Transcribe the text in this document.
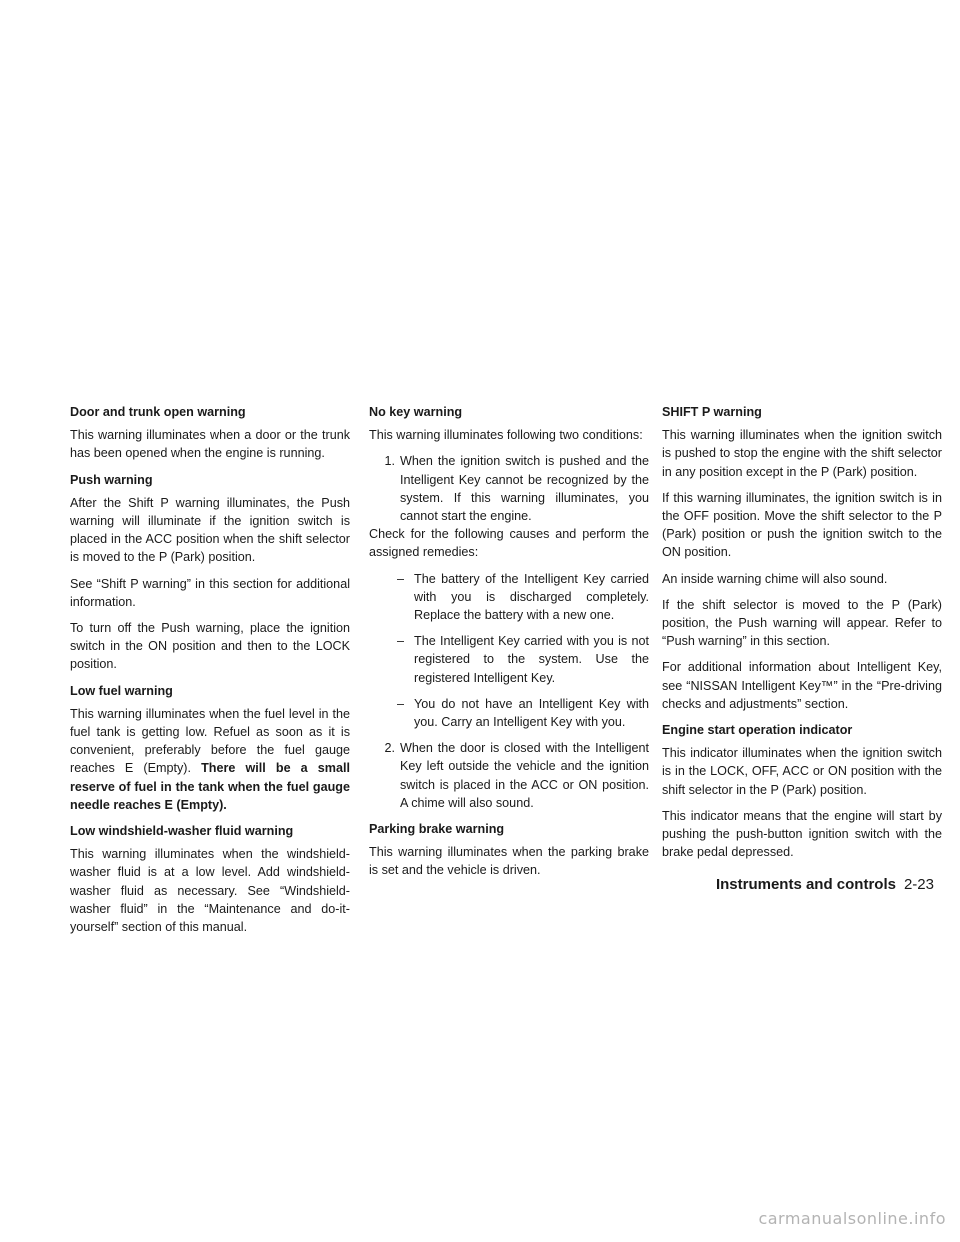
Door and trunk open warning

This warning illuminates when a door or the trunk has been opened when the engine is running.

Push warning

After the Shift P warning illuminates, the Push warning will illuminate if the ignition switch is placed in the ACC position when the shift selector is moved to the P (Park) position.

See “Shift P warning” in this section for additional information.

To turn off the Push warning, place the ignition switch in the ON position and then to the LOCK position.

Low fuel warning

This warning illuminates when the fuel level in the fuel tank is getting low. Refuel as soon as it is convenient, preferably before the fuel gauge reaches E (Empty). There will be a small reserve of fuel in the tank when the fuel gauge needle reaches E (Empty).

Low windshield-washer fluid warning

This warning illuminates when the windshield-washer fluid is at a low level. Add windshield-washer fluid as necessary. See “Windshield-washer fluid” in the “Maintenance and do-it-yourself” section of this manual.

No key warning

This warning illuminates following two conditions:

1. When the ignition switch is pushed and the Intelligent Key cannot be recognized by the system. If this warning illuminates, you cannot start the engine.

Check for the following causes and perform the assigned remedies:

– The battery of the Intelligent Key carried with you is discharged completely. Replace the battery with a new one.
– The Intelligent Key carried with you is not registered to the system. Use the registered Intelligent Key.
– You do not have an Intelligent Key with you. Carry an Intelligent Key with you.
2. When the door is closed with the Intelligent Key left outside the vehicle and the ignition switch is placed in the ACC or ON position. A chime will also sound.
Parking brake warning

This warning illuminates when the parking brake is set and the vehicle is driven.

SHIFT P warning

This warning illuminates when the ignition switch is pushed to stop the engine with the shift selector in any position except in the P (Park) position.

If this warning illuminates, the ignition switch is in the OFF position. Move the shift selector to the P (Park) position or push the ignition switch to the ON position.

An inside warning chime will also sound.

If the shift selector is moved to the P (Park) position, the Push warning will appear. Refer to “Push warning” in this section.

For additional information about Intelligent Key, see “NISSAN Intelligent Key™” in the “Pre-driving checks and adjustments” section.

Engine start operation indicator

This indicator illuminates when the ignition switch is in the LOCK, OFF, ACC or ON position with the shift selector in the P (Park) position.

This indicator means that the engine will start by pushing the push-button ignition switch with the brake pedal depressed.

Instruments and controls 2-23
carmanualsonline.info
